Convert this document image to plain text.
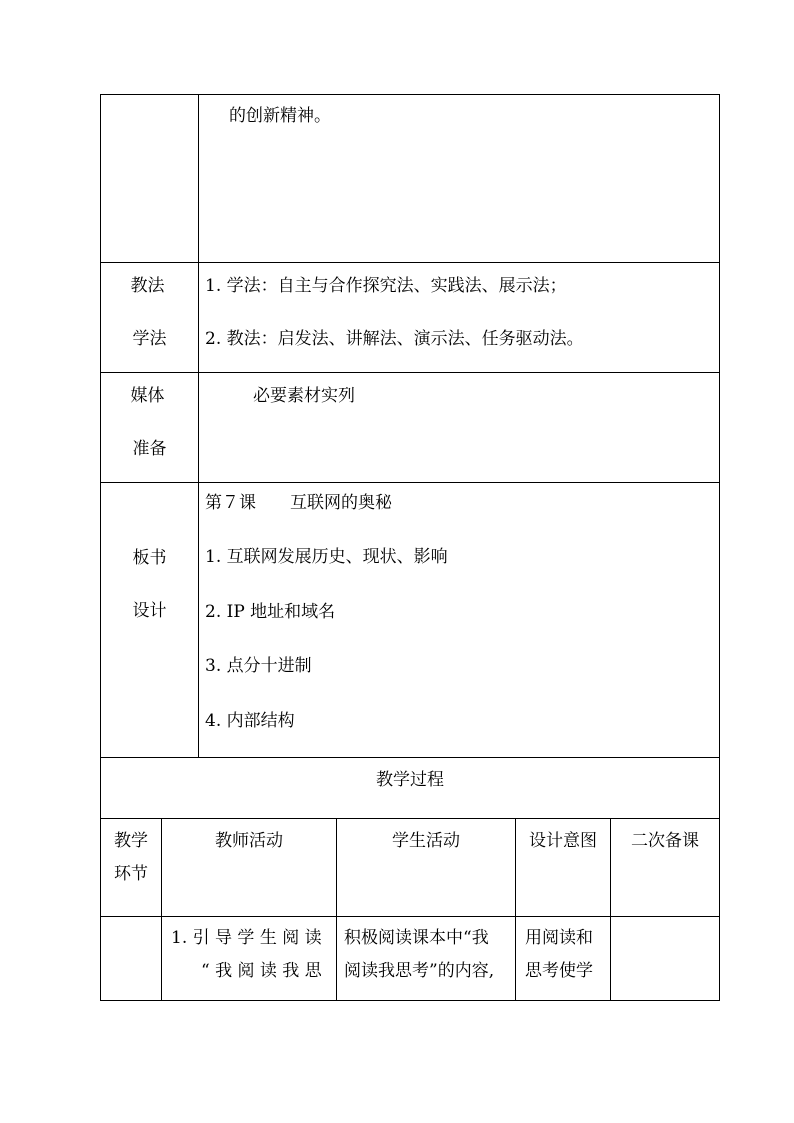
		的创新精神。			

教法
学法		1. 学法：自主与合作探究法、实践法、展示法；
2. 教法：启发法、讲解法、演示法、任务驱动法。			

媒体
准备		必要素材实列			

板书
设计		第７课　　互联网的奥秘
1. 互联网发展历史、现状、影响
2. IP 地址和域名
3. 点分十进制
4. 内部结构			

教学过程					

教学
环节	教师活动		学生活动	设计意图	二次备课

	1. 引 导 学 生 阅 读
“ 我 阅 读 我 思		积极阅读课本中“我
阅读我思考”的内容,	用阅读和
思考使学	
